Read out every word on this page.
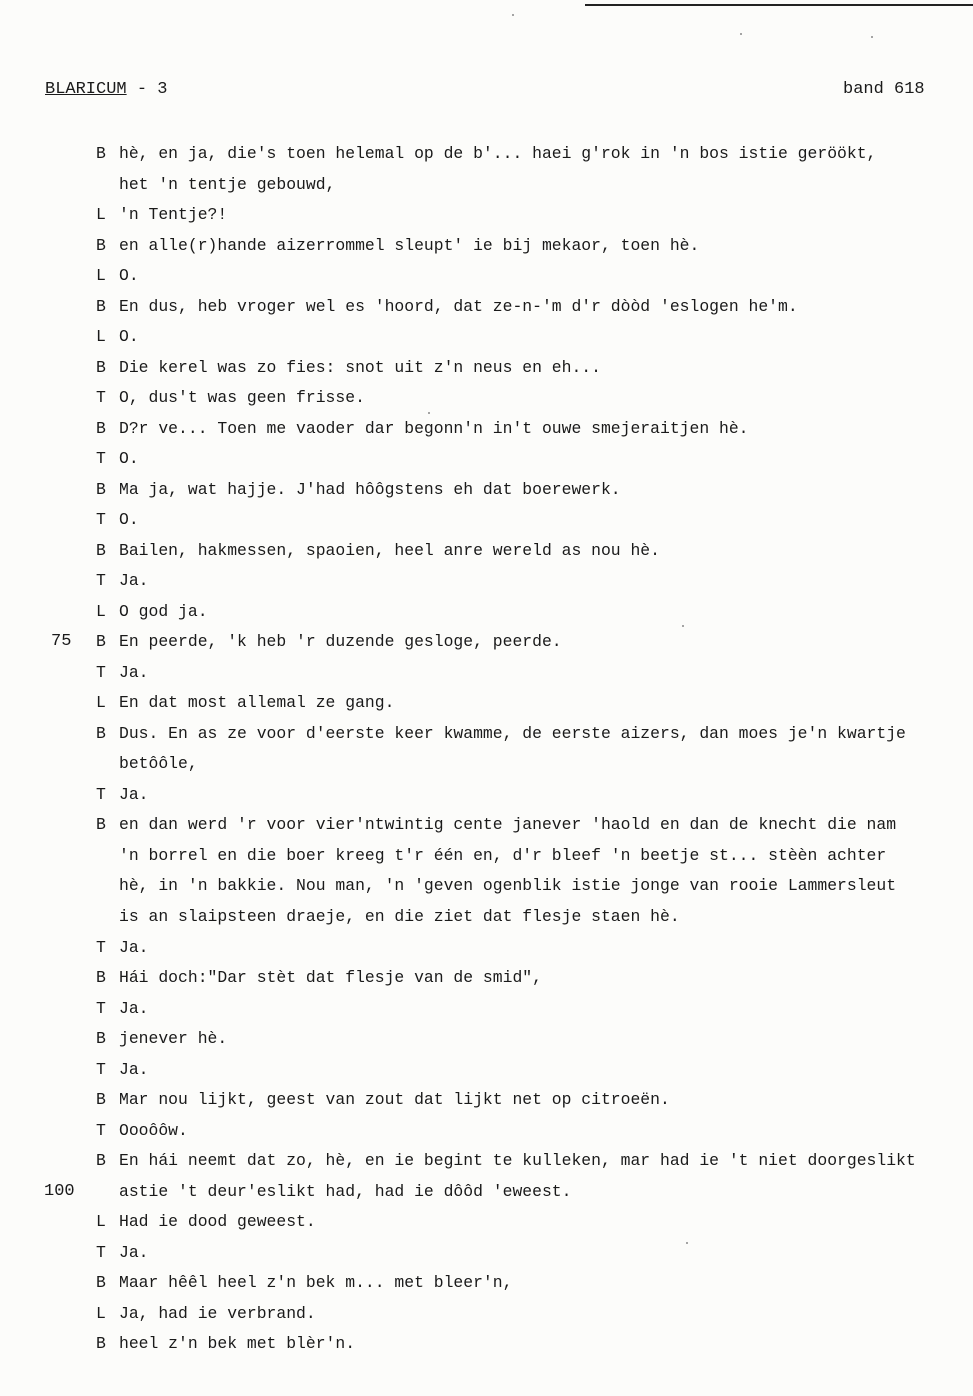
BLARICUM - 3	band 618
B hè, en ja, die's toen helemal op de b'... haei g'rok in 'n bos istie geröökt,
het 'n tentje gebouwd,
L 'n Tentje?!
B en alle(r)hande aizerrommel sleupt' ie bij mekaor, toen hè.
L O.
B En dus, heb vroger wel es 'hoord, dat ze-n-'m d'r dòòd 'eslogen he'm.
L O.
B Die kerel was zo fies: snot uit z'n neus en eh...
T O, dus't was geen frisse.
B D?r ve... Toen me vaoder dar begonn'n in't ouwe smejeraitjen hè.
T O.
B Ma ja, wat hajje. J'had hôôgstens eh dat boerewerk.
T O.
B Bailen, hakmessen, spaoien, heel anre wereld as nou hè.
T Ja.
L O god ja.
75 B En peerde, 'k heb 'r duzende gesloge, peerde.
T Ja.
L En dat most allemal ze gang.
B Dus. En as ze voor d'eerste keer kwamme, de eerste aizers, dan moes je'n kwartje
betôôle,
T Ja.
B en dan werd 'r voor vier'ntwintig cente janever 'haold en dan de knecht die nam
'n borrel en die boer kreeg t'r één en, d'r bleef 'n beetje st... stèèn achter
hè, in 'n bakkie. Nou man, 'n 'geven ogenblik istie jonge van rooie Lammersleut
is an slaipsteen draeje, en die ziet dat flesje staen hè.
T Ja.
B Hái doch:"Dar stèt dat flesje van de smid",
T Ja.
B jenever hè.
T Ja.
B Mar nou lijkt, geest van zout dat lijkt net op citroeën.
T Oooôôw.
B En hái neemt dat zo, hè, en ie begint te kulleken, mar had ie 't niet doorgeslikt
100	astie 't deur'eslikt had, had ie dôôd 'eweest.
L Had ie dood geweest.
T Ja.
B Maar hêêl heel z'n bek m... met bleer'n,
L Ja, had ie verbrand.
B heel z'n bek met blèr'n.
